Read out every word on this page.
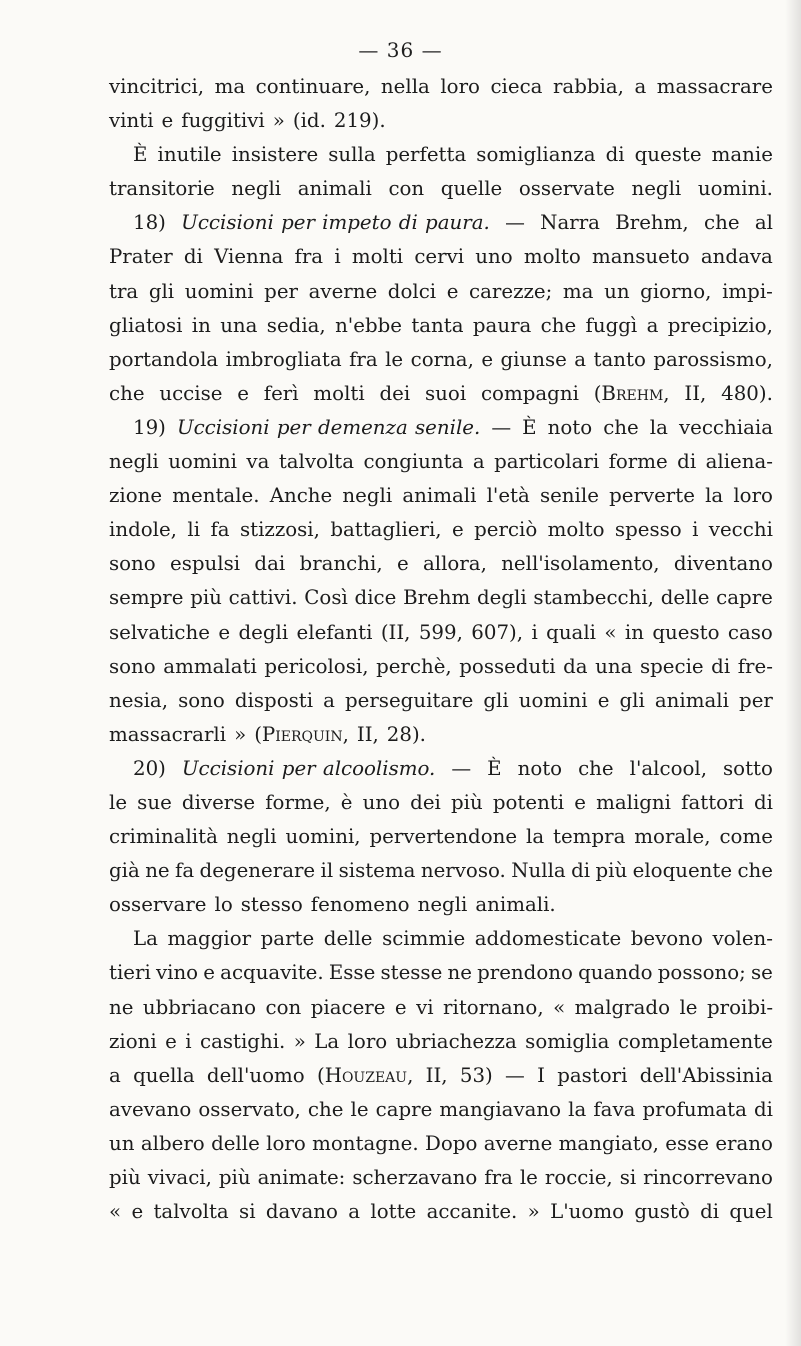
— 36 —
vincitrici, ma continuare, nella loro cieca rabbia, a massacrare
vinti e fuggitivi » (id. 219).
È inutile insistere sulla perfetta somiglianza di queste manie
transitorie negli animali con quelle osservate negli uomini.
18) Uccisioni per impeto di paura. — Narra Brehm, che al
Prater di Vienna fra i molti cervi uno molto mansueto andava
tra gli uomini per averne dolci e carezze; ma un giorno, impi-
gliatosi in una sedia, n'ebbe tanta paura che fuggì a precipizio,
portandola imbrogliata fra le corna, e giunse a tanto parossismo,
che uccise e ferì molti dei suoi compagni (Brehm, II, 480).
19) Uccisioni per demenza senile. — È noto che la vecchiaia
negli uomini va talvolta congiunta a particolari forme di aliena-
zione mentale. Anche negli animali l'età senile perverte la loro
indole, li fa stizzosi, battaglieri, e perciò molto spesso i vecchi
sono espulsi dai branchi, e allora, nell'isolamento, diventano
sempre più cattivi. Così dice Brehm degli stambecchi, delle capre
selvatiche e degli elefanti (II, 599, 607), i quali « in questo caso
sono ammalati pericolosi, perchè, posseduti da una specie di fre-
nesia, sono disposti a perseguitare gli uomini e gli animali per
massacrarli » (Pierquin, II, 28).
20) Uccisioni per alcoolismo. — È noto che l'alcool, sotto
le sue diverse forme, è uno dei più potenti e maligni fattori di
criminalità negli uomini, pervertendone la tempra morale, come
già ne fa degenerare il sistema nervoso. Nulla di più eloquente che
osservare lo stesso fenomeno negli animali.
La maggior parte delle scimmie addomesticate bevono volen-
tieri vino e acquavite. Esse stesse ne prendono quando possono; se
ne ubbriacano con piacere e vi ritornano, « malgrado le proibi-
zioni e i castighi. » La loro ubriachezza somiglia completamente
a quella dell'uomo (Houzeau, II, 53) — I pastori dell'Abissinia
avevano osservato, che le capre mangiavano la fava profumata di
un albero delle loro montagne. Dopo averne mangiato, esse erano
più vivaci, più animate: scherzavano fra le roccie, si rincorrevano
« e talvolta si davano a lotte accanite. » L'uomo gustò di quel
